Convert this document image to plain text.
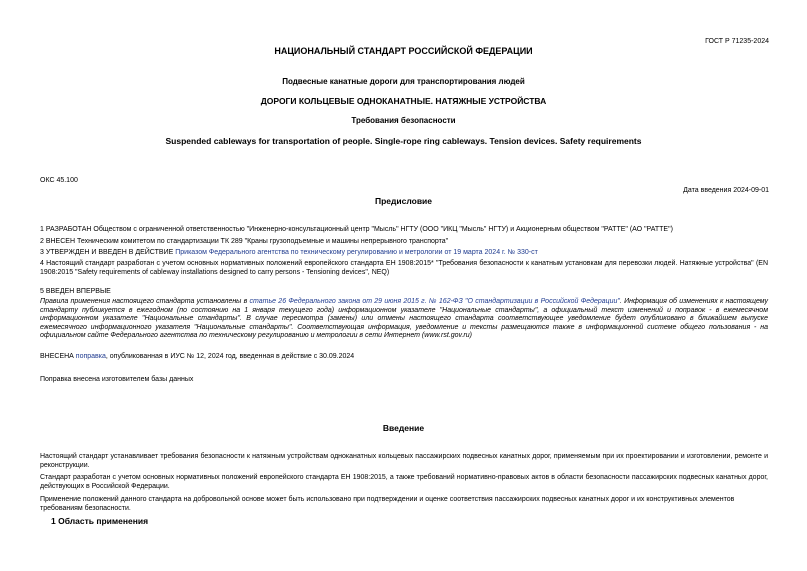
ГОСТ Р 71235-2024
НАЦИОНАЛЬНЫЙ СТАНДАРТ РОССИЙСКОЙ ФЕДЕРАЦИИ
Подвесные канатные дороги для транспортирования людей
ДОРОГИ КОЛЬЦЕВЫЕ ОДНОКАНАТНЫЕ. НАТЯЖНЫЕ УСТРОЙСТВА
Требования безопасности
Suspended cableways for transportation of people. Single-rope ring cableways. Tension devices. Safety requirements
ОКС 45.100
Дата введения 2024-09-01
Предисловие
1 РАЗРАБОТАН Обществом с ограниченной ответственностью "Инженерно-консультационный центр "Мысль" НГТУ (ООО "ИКЦ "Мысль" НГТУ) и Акционерным обществом "РАТТЕ" (АО "РАТТЕ")
2 ВНЕСЕН Техническим комитетом по стандартизации ТК 289 "Краны грузоподъемные и машины непрерывного транспорта"
3 УТВЕРЖДЕН И ВВЕДЕН В ДЕЙСТВИЕ Приказом Федерального агентства по техническому регулированию и метрологии от 19 марта 2024 г. № 330-ст
4 Настоящий стандарт разработан с учетом основных нормативных положений европейского стандарта ЕН 1908:2015* "Требования безопасности к канатным установкам для перевозки людей. Натяжные устройства" (EN 1908:2015 "Safety requirements of cableway installations designed to carry persons - Tensioning devices", NEQ)
5 ВВЕДЕН ВПЕРВЫЕ
Правила применения настоящего стандарта установлены в статье 26 Федерального закона от 29 июня 2015 г. № 162-ФЗ "О стандартизации в Российской Федерации". Информация об изменениях к настоящему стандарту публикуется в ежегодном (по состоянию на 1 января текущего года) информационном указателе "Национальные стандарты", а официальный текст изменений и поправок - в ежемесячном информационном указателе "Национальные стандарты". В случае пересмотра (замены) или отмены настоящего стандарта соответствующее уведомление будет опубликовано в ближайшем выпуске ежемесячного информационного указателя "Национальные стандарты". Соответствующая информация, уведомление и тексты размещаются также в информационной системе общего пользования - на официальном сайте Федерального агентства по техническому регулированию и метрологии в сети Интернет (www.rst.gov.ru)
ВНЕСЕНА поправка, опубликованная в ИУС № 12, 2024 год, введенная в действие с 30.09.2024
Поправка внесена изготовителем базы данных
Введение
Настоящий стандарт устанавливает требования безопасности к натяжным устройствам одноканатных кольцевых пассажирских подвесных канатных дорог, применяемым при их проектировании и изготовлении, ремонте и реконструкции.
Стандарт разработан с учетом основных нормативных положений европейского стандарта ЕН 1908:2015, а также требований нормативно-правовых актов в области безопасности пассажирских подвесных канатных дорог, действующих в Российской Федерации.
Применение положений данного стандарта на добровольной основе может быть использовано при подтверждении и оценке соответствия пассажирских подвесных канатных дорог и их конструктивных элементов требованиям безопасности.
1 Область применения
